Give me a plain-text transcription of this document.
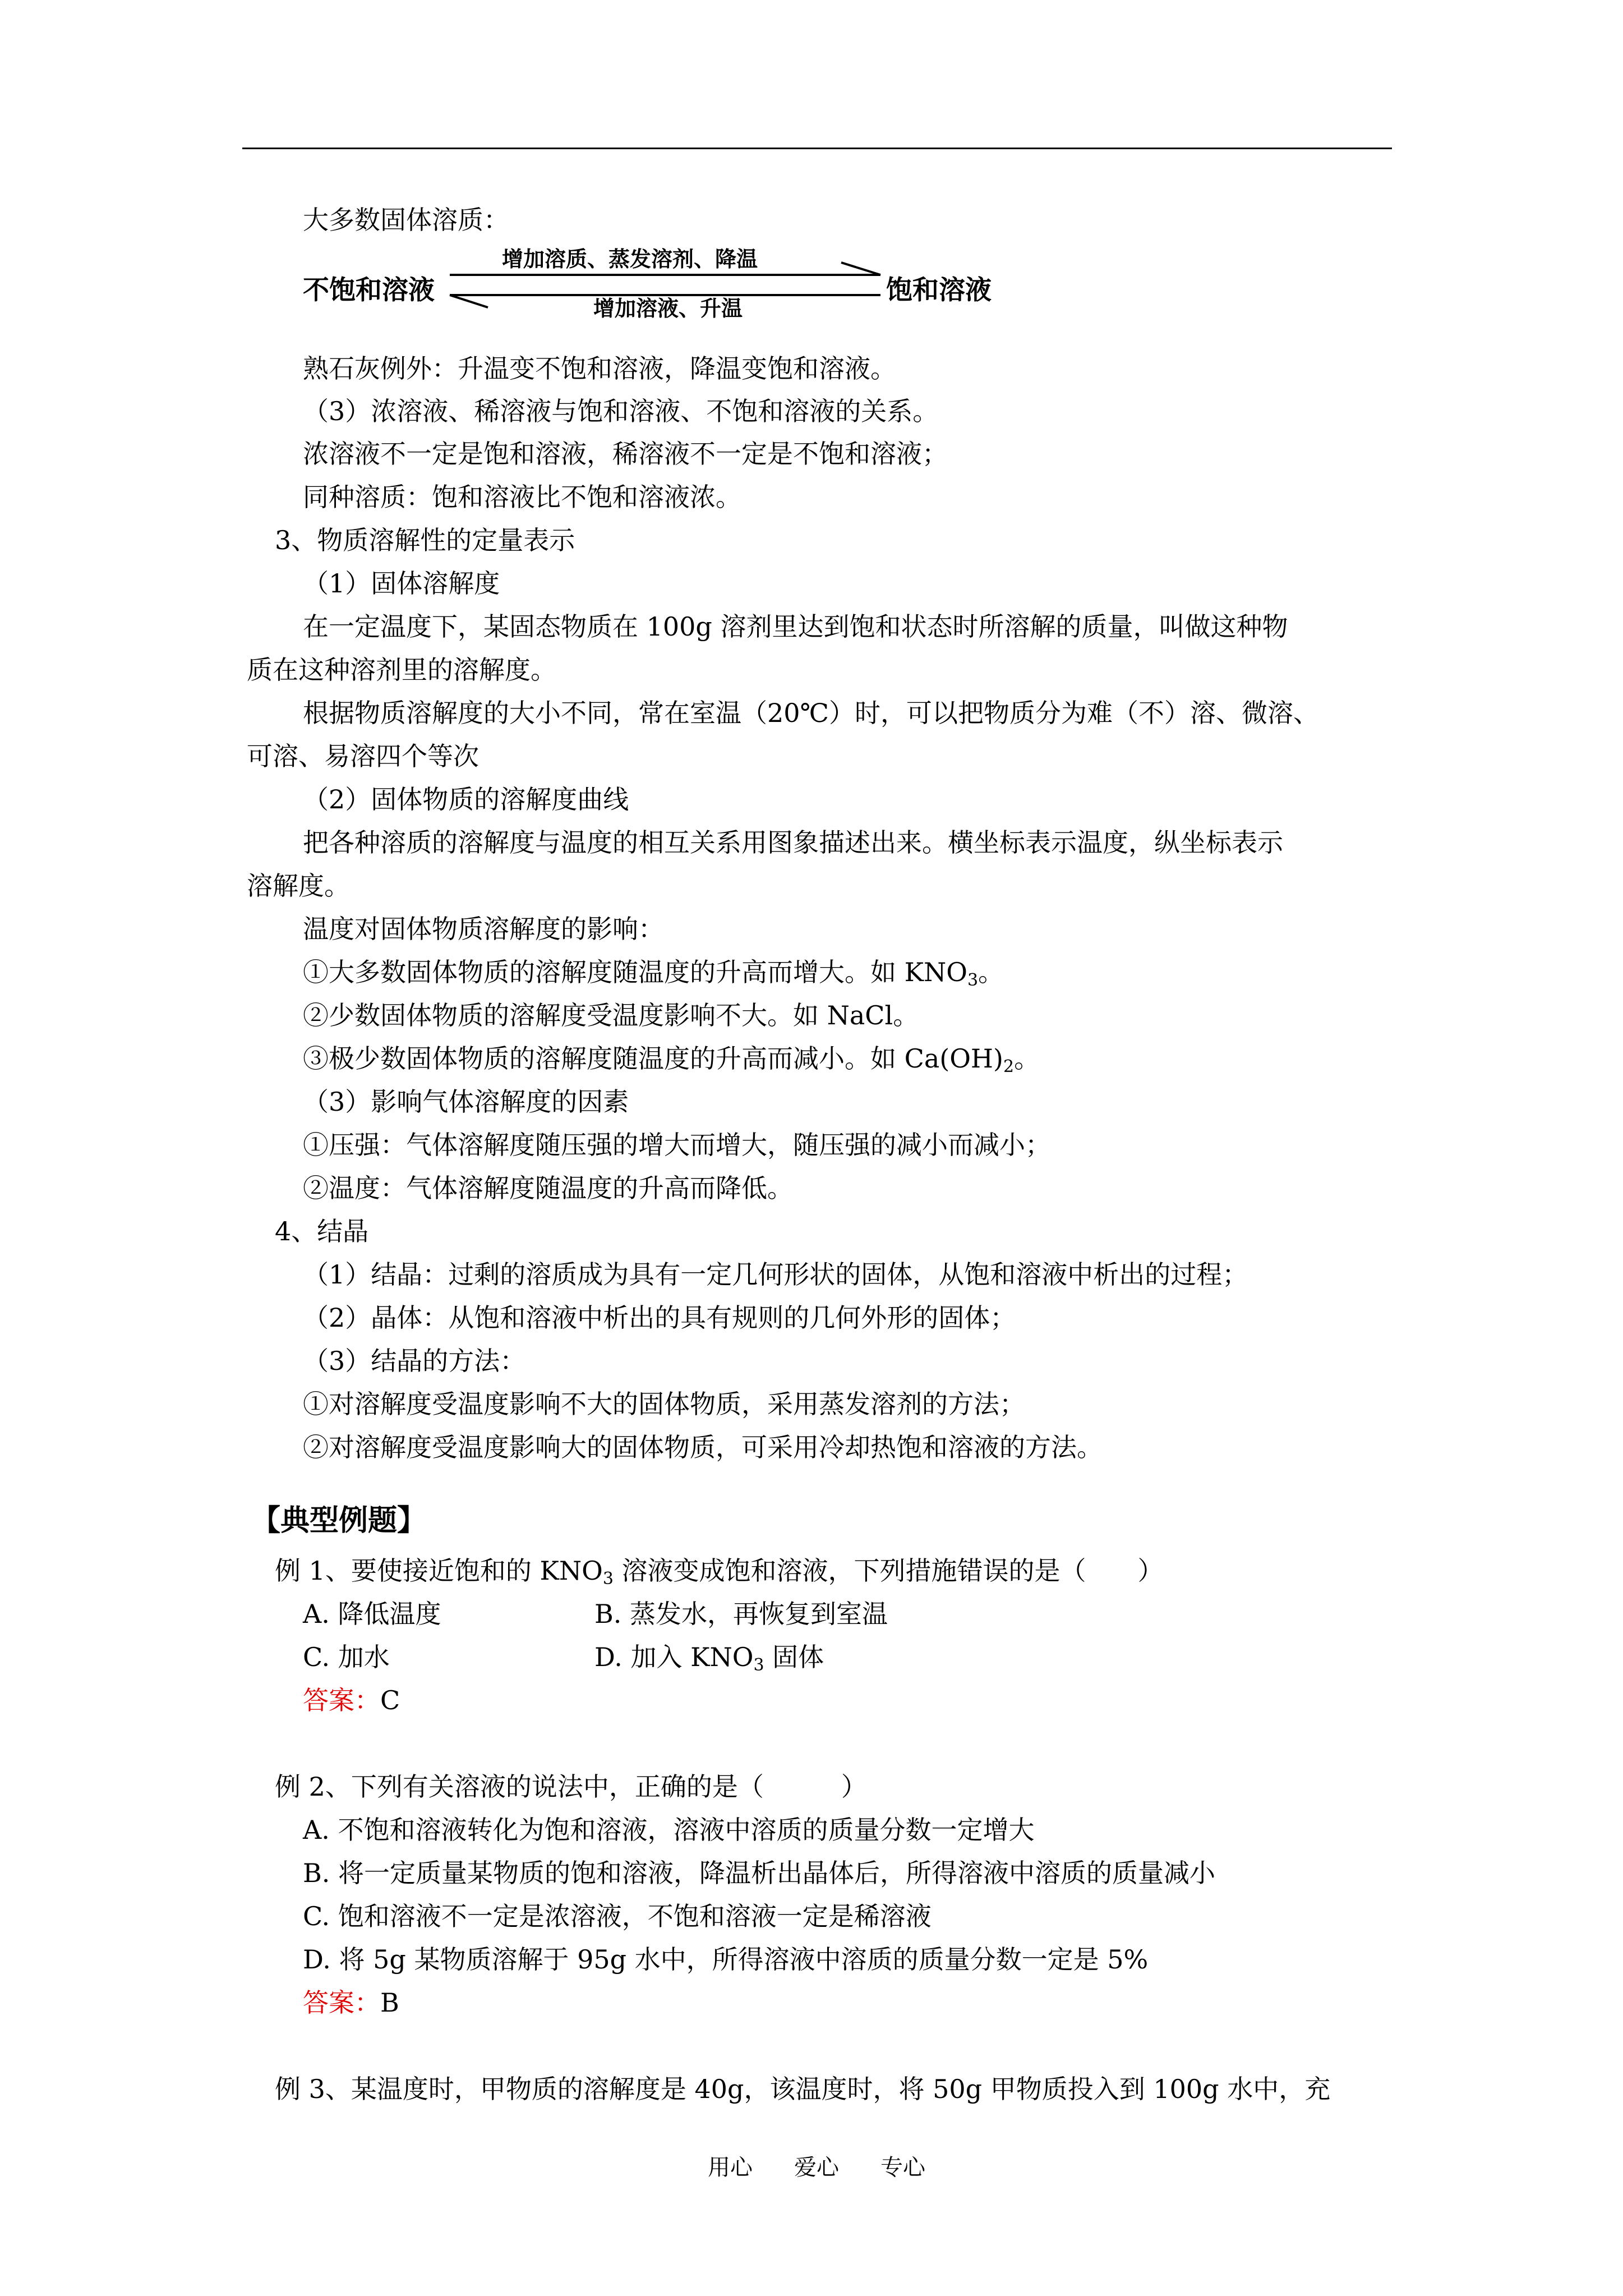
大多数固体溶质：
不饱和溶液
增加溶质、蒸发溶剂、降温
增加溶液、升温
饱和溶液
熟石灰例外：升温变不饱和溶液，降温变饱和溶液。
（3）浓溶液、稀溶液与饱和溶液、不饱和溶液的关系。
浓溶液不一定是饱和溶液，稀溶液不一定是不饱和溶液；
同种溶质：饱和溶液比不饱和溶液浓。
3、物质溶解性的定量表示
（1）固体溶解度
在一定温度下，某固态物质在 100g 溶剂里达到饱和状态时所溶解的质量，叫做这种物
质在这种溶剂里的溶解度。
根据物质溶解度的大小不同，常在室温（20℃）时，可以把物质分为难（不）溶、微溶、
可溶、易溶四个等次
（2）固体物质的溶解度曲线
把各种溶质的溶解度与温度的相互关系用图象描述出来。横坐标表示温度，纵坐标表示
溶解度。
温度对固体物质溶解度的影响：
①大多数固体物质的溶解度随温度的升高而增大。如 $KNO_3$。
②少数固体物质的溶解度受温度影响不大。如 NaCl。
③极少数固体物质的溶解度随温度的升高而减小。如 $Ca(OH)_2$。
（3）影响气体溶解度的因素
①压强：气体溶解度随压强的增大而增大，随压强的减小而减小；
②温度：气体溶解度随温度的升高而降低。
4、结晶
（1）结晶：过剩的溶质成为具有一定几何形状的固体，从饱和溶液中析出的过程；
（2）晶体：从饱和溶液中析出的具有规则的几何外形的固体；
（3）结晶的方法：
①对溶解度受温度影响不大的固体物质，采用蒸发溶剂的方法；
②对溶解度受温度影响大的固体物质，可采用冷却热饱和溶液的方法。
【典型例题】
例 1、要使接近饱和的 $KNO_3$ 溶液变成饱和溶液，下列措施错误的是（　　）
A. 降低温度	B. 蒸发水，再恢复到室温
C. 加水	D. 加入 $KNO_3$ 固体
答案：C
例 2、下列有关溶液的说法中，正确的是（　　　）
A. 不饱和溶液转化为饱和溶液，溶液中溶质的质量分数一定增大
B. 将一定质量某物质的饱和溶液，降温析出晶体后，所得溶液中溶质的质量减小
C. 饱和溶液不一定是浓溶液，不饱和溶液一定是稀溶液
D. 将 5g 某物质溶解于 95g 水中，所得溶液中溶质的质量分数一定是 5%
答案：B
例 3、某温度时，甲物质的溶解度是 40g，该温度时，将 50g 甲物质投入到 100g 水中，充
用心 爱心 专心
